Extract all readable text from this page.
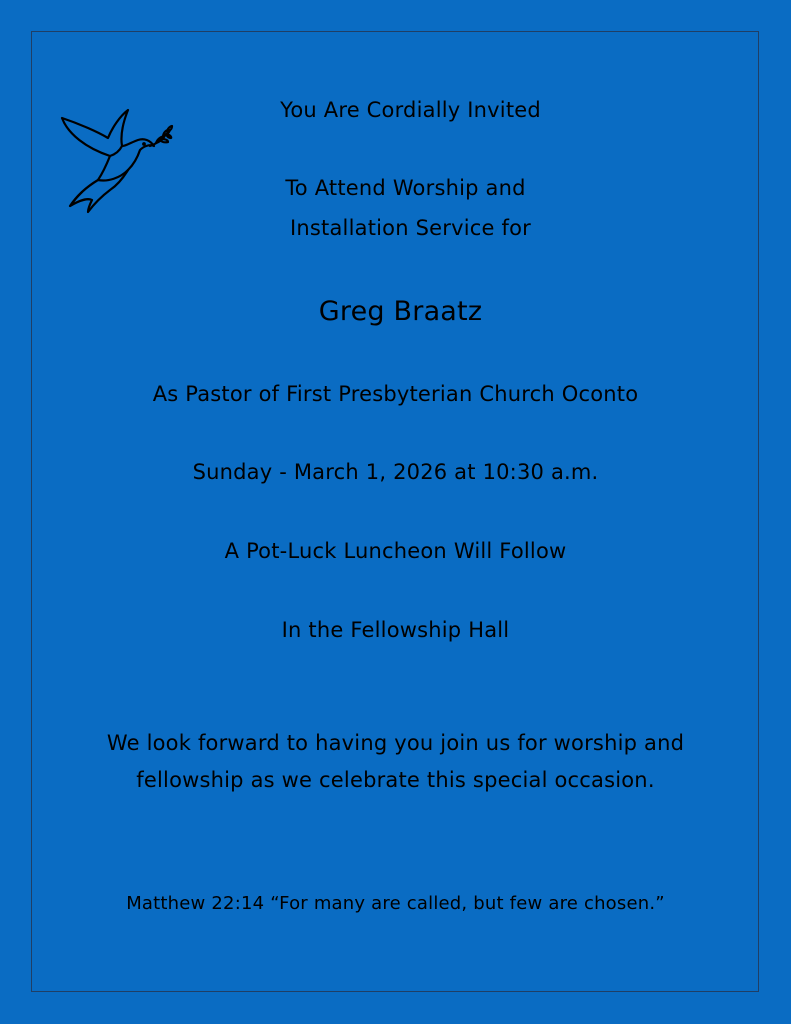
You Are Cordially Invited
To Attend Worship and
Installation Service for
Greg Braatz
As Pastor of First Presbyterian Church Oconto
Sunday - March 1, 2026 at 10:30 a.m.
A Pot-Luck Luncheon Will Follow
In the Fellowship Hall
We look forward to having you join us for worship and
fellowship as we celebrate this special occasion.
Matthew 22:14 “For many are called, but few are chosen.”
